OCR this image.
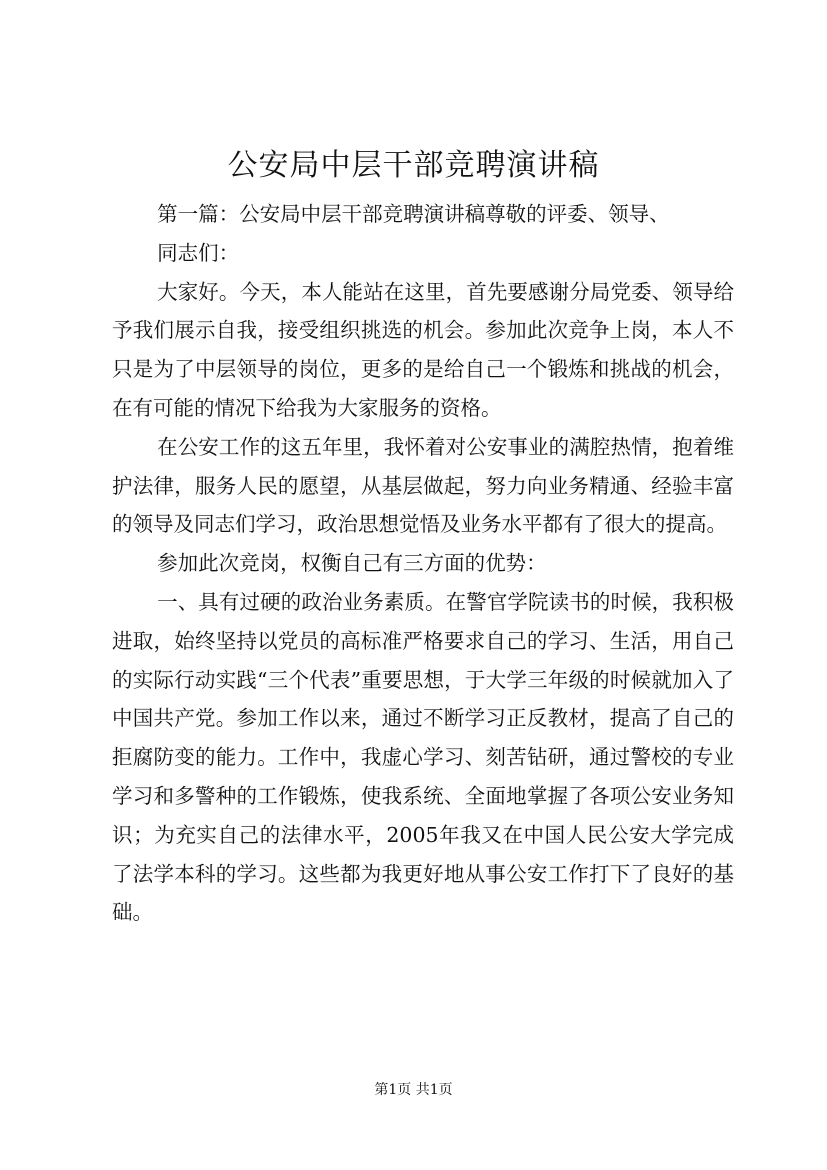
公安局中层干部竞聘演讲稿

第一篇：公安局中层干部竞聘演讲稿尊敬的评委、领导、

同志们：

大家好。今天，本人能站在这里，首先要感谢分局党委、领导给予我们展示自我，接受组织挑选的机会。参加此次竞争上岗，本人不只是为了中层领导的岗位，更多的是给自己一个锻炼和挑战的机会，在有可能的情况下给我为大家服务的资格。

在公安工作的这五年里，我怀着对公安事业的满腔热情，抱着维护法律，服务人民的愿望，从基层做起，努力向业务精通、经验丰富的领导及同志们学习，政治思想觉悟及业务水平都有了很大的提高。

参加此次竞岗，权衡自己有三方面的优势：

一、具有过硬的政治业务素质。在警官学院读书的时候，我积极进取，始终坚持以党员的高标准严格要求自己的学习、生活，用自己的实际行动实践“三个代表”重要思想，于大学三年级的时候就加入了中国共产党。参加工作以来，通过不断学习正反教材，提高了自己的拒腐防变的能力。工作中，我虚心学习、刻苦钻研，通过警校的专业学习和多警种的工作锻炼，使我系统、全面地掌握了各项公安业务知识；为充实自己的法律水平，2005年我又在中国人民公安大学完成了法学本科的学习。这些都为我更好地从事公安工作打下了良好的基础。

第1页 共1页
